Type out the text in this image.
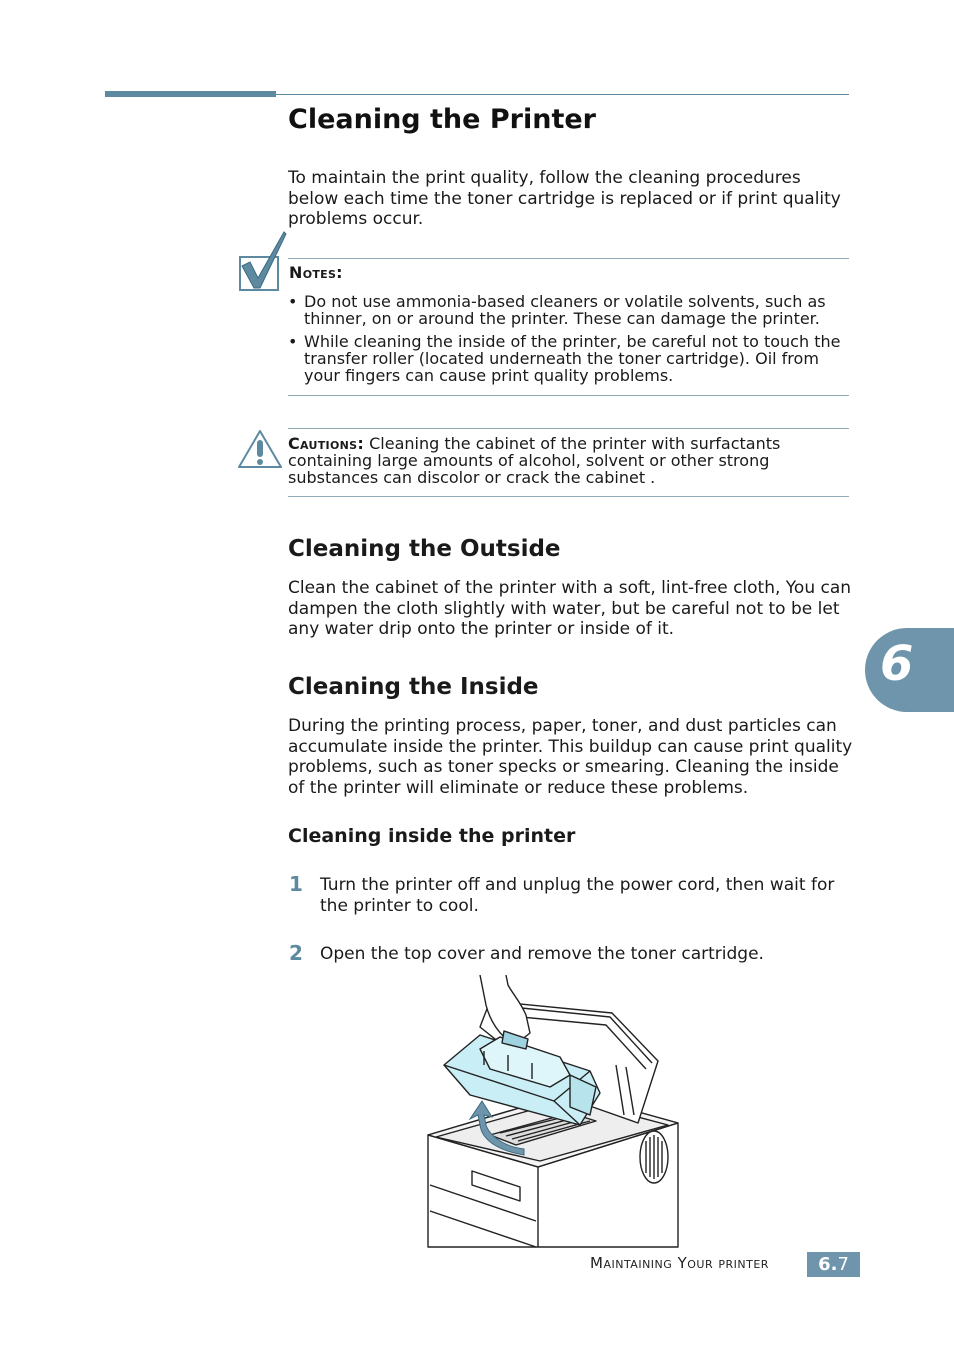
Cleaning the Printer

To maintain the print quality, follow the cleaning procedures below each time the toner cartridge is replaced or if print quality problems occur.

Notes:
• Do not use ammonia-based cleaners or volatile solvents, such as thinner, on or around the printer. These can damage the printer.
• While cleaning the inside of the printer, be careful not to touch the transfer roller (located underneath the toner cartridge). Oil from your fingers can cause print quality problems.

Cautions: Cleaning the cabinet of the printer with surfactants containing large amounts of alcohol, solvent or other strong substances can discolor or crack the cabinet .

Cleaning the Outside

Clean the cabinet of the printer with a soft, lint-free cloth, You can dampen the cloth slightly with water, but be careful not to be let any water drip onto the printer or inside of it.

Cleaning the Inside

During the printing process, paper, toner, and dust particles can accumulate inside the printer. This buildup can cause print quality problems, such as toner specks or smearing. Cleaning the inside of the printer will eliminate or reduce these problems.

Cleaning inside the printer
1 Turn the printer off and unplug the power cord, then wait for the printer to cool.

2 Open the top cover and remove the toner cartridge.

6
Maintaining Your printer	6.7
